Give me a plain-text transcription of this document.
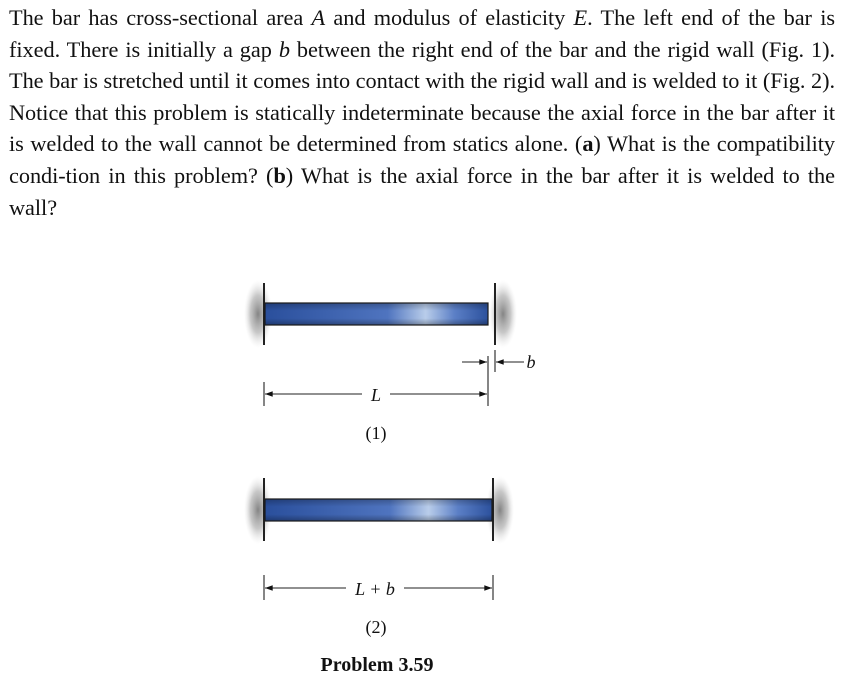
The bar has cross-sectional area A and modulus of elasticity E. The left end of the bar is fixed. There is initially a gap b between the right end of the bar and the rigid wall (Fig. 1). The bar is stretched until it comes into contact with the rigid wall and is welded to it (Fig. 2). Notice that this problem is statically indeterminate because the axial force in the bar after it is welded to the wall cannot be determined from statics alone. (a) What is the compatibility condi-tion in this problem? (b) What is the axial force in the bar after it is welded to the wall?
L
b
(1)
L + b
(2)
Problem 3.59
